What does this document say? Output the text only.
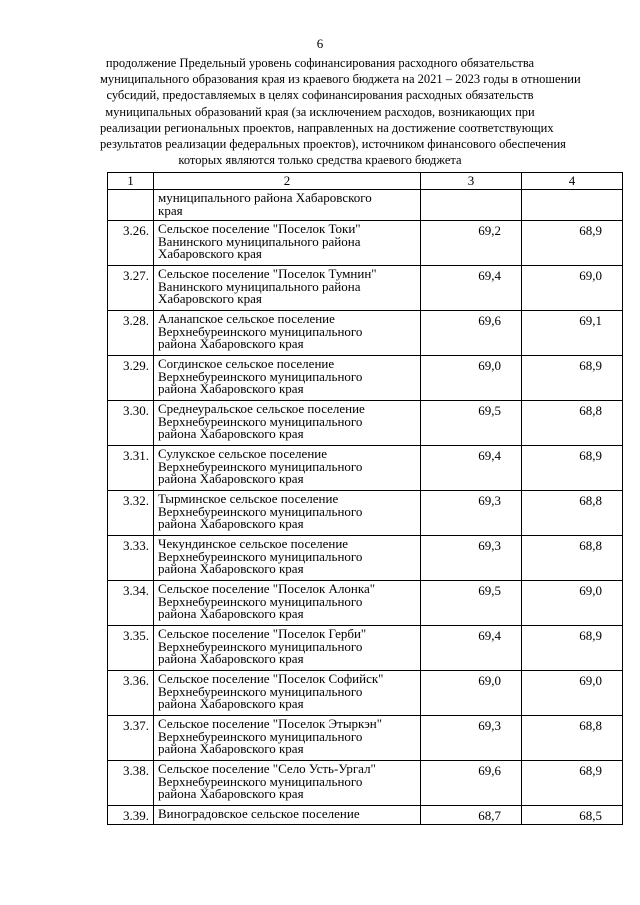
6
продолжение Предельный уровень софинансирования расходного обязательства
муниципального образования края из краевого бюджета на 2021 – 2023 годы в отношении
субсидий, предоставляемых в целях софинансирования расходных обязательств
муниципальных образований края (за исключением расходов, возникающих при
реализации региональных проектов, направленных на достижение соответствующих
результатов реализации федеральных проектов), источником финансового обеспечения
которых являются только средства краевого бюджета
1	2	3	4

	муниципального района Хабаровского
края		

3.26.	Сельское поселение "Поселок Токи"
Ванинского муниципального района
Хабаровского края	69,2	68,9
3.27.	Сельское поселение "Поселок Тумнин"
Ванинского муниципального района
Хабаровского края	69,4	69,0
3.28.	Аланапское сельское поселение
Верхнебуреинского муниципального
района Хабаровского края	69,6	69,1
3.29.	Согдинское сельское поселение
Верхнебуреинского муниципального
района Хабаровского края	69,0	68,9
3.30.	Среднеуральское сельское поселение
Верхнебуреинского муниципального
района Хабаровского края	69,5	68,8
3.31.	Сулукское сельское поселение
Верхнебуреинского муниципального
района Хабаровского края	69,4	68,9
3.32.	Тырминское сельское поселение
Верхнебуреинского муниципального
района Хабаровского края	69,3	68,8
3.33.	Чекундинское сельское поселение
Верхнебуреинского муниципального
района Хабаровского края	69,3	68,8
3.34.	Сельское поселение "Поселок Алонка"
Верхнебуреинского муниципального
района Хабаровского края	69,5	69,0
3.35.	Сельское поселение "Поселок Герби"
Верхнебуреинского муниципального
района Хабаровского края	69,4	68,9
3.36.	Сельское поселение "Поселок Софийск"
Верхнебуреинского муниципального
района Хабаровского края	69,0	69,0
3.37.	Сельское поселение "Поселок Этыркэн"
Верхнебуреинского муниципального
района Хабаровского края	69,3	68,8
3.38.	Сельское поселение "Село Усть-Ургал"
Верхнебуреинского муниципального
района Хабаровского края	69,6	68,9
3.39.	Виноградовское сельское поселение	68,7	68,5
